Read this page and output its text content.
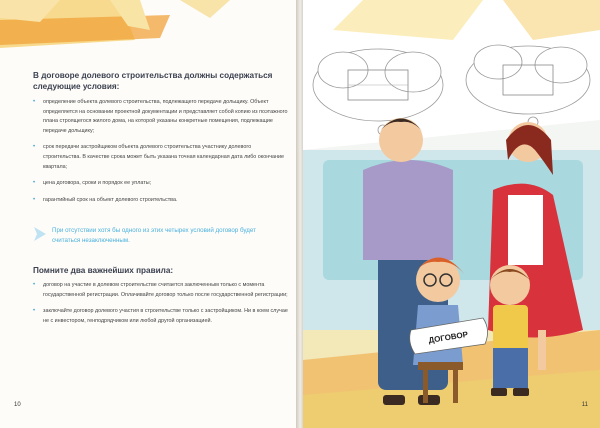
В договоре долевого строительства должны содержаться следующие условия:

• определение объекта долевого строительства, подлежащего передаче дольщику. Объект определяется на основании проектной документации и представляет собой копию из поэтажного плана строящегося жилого дома, на которой указаны конкретные помещения, подлежащие передаче дольщику;
• срок передачи застройщиком объекта долевого строительства участнику долевого строительства. В качестве срока может быть указана точная календарная дата либо окончание квартала;
• цена договора, сроки и порядок ее уплаты;
• гарантийный срок на объект долевого строительства.

При отсутствии хотя бы одного из этих четырех условий договор будет считаться незаключенным.

Помните два важнейших правила:

• договор на участие в долевом строительстве считается заключенным только с момента государственной регистрации. Оплачивайте договор только после государственной регистрации;
• заключайте договор долевого участия в строительстве только с застройщиком. Ни в коем случае не с инвестором, генподрядчиком или любой другой организацией.
10
ДОГОВОР
11
